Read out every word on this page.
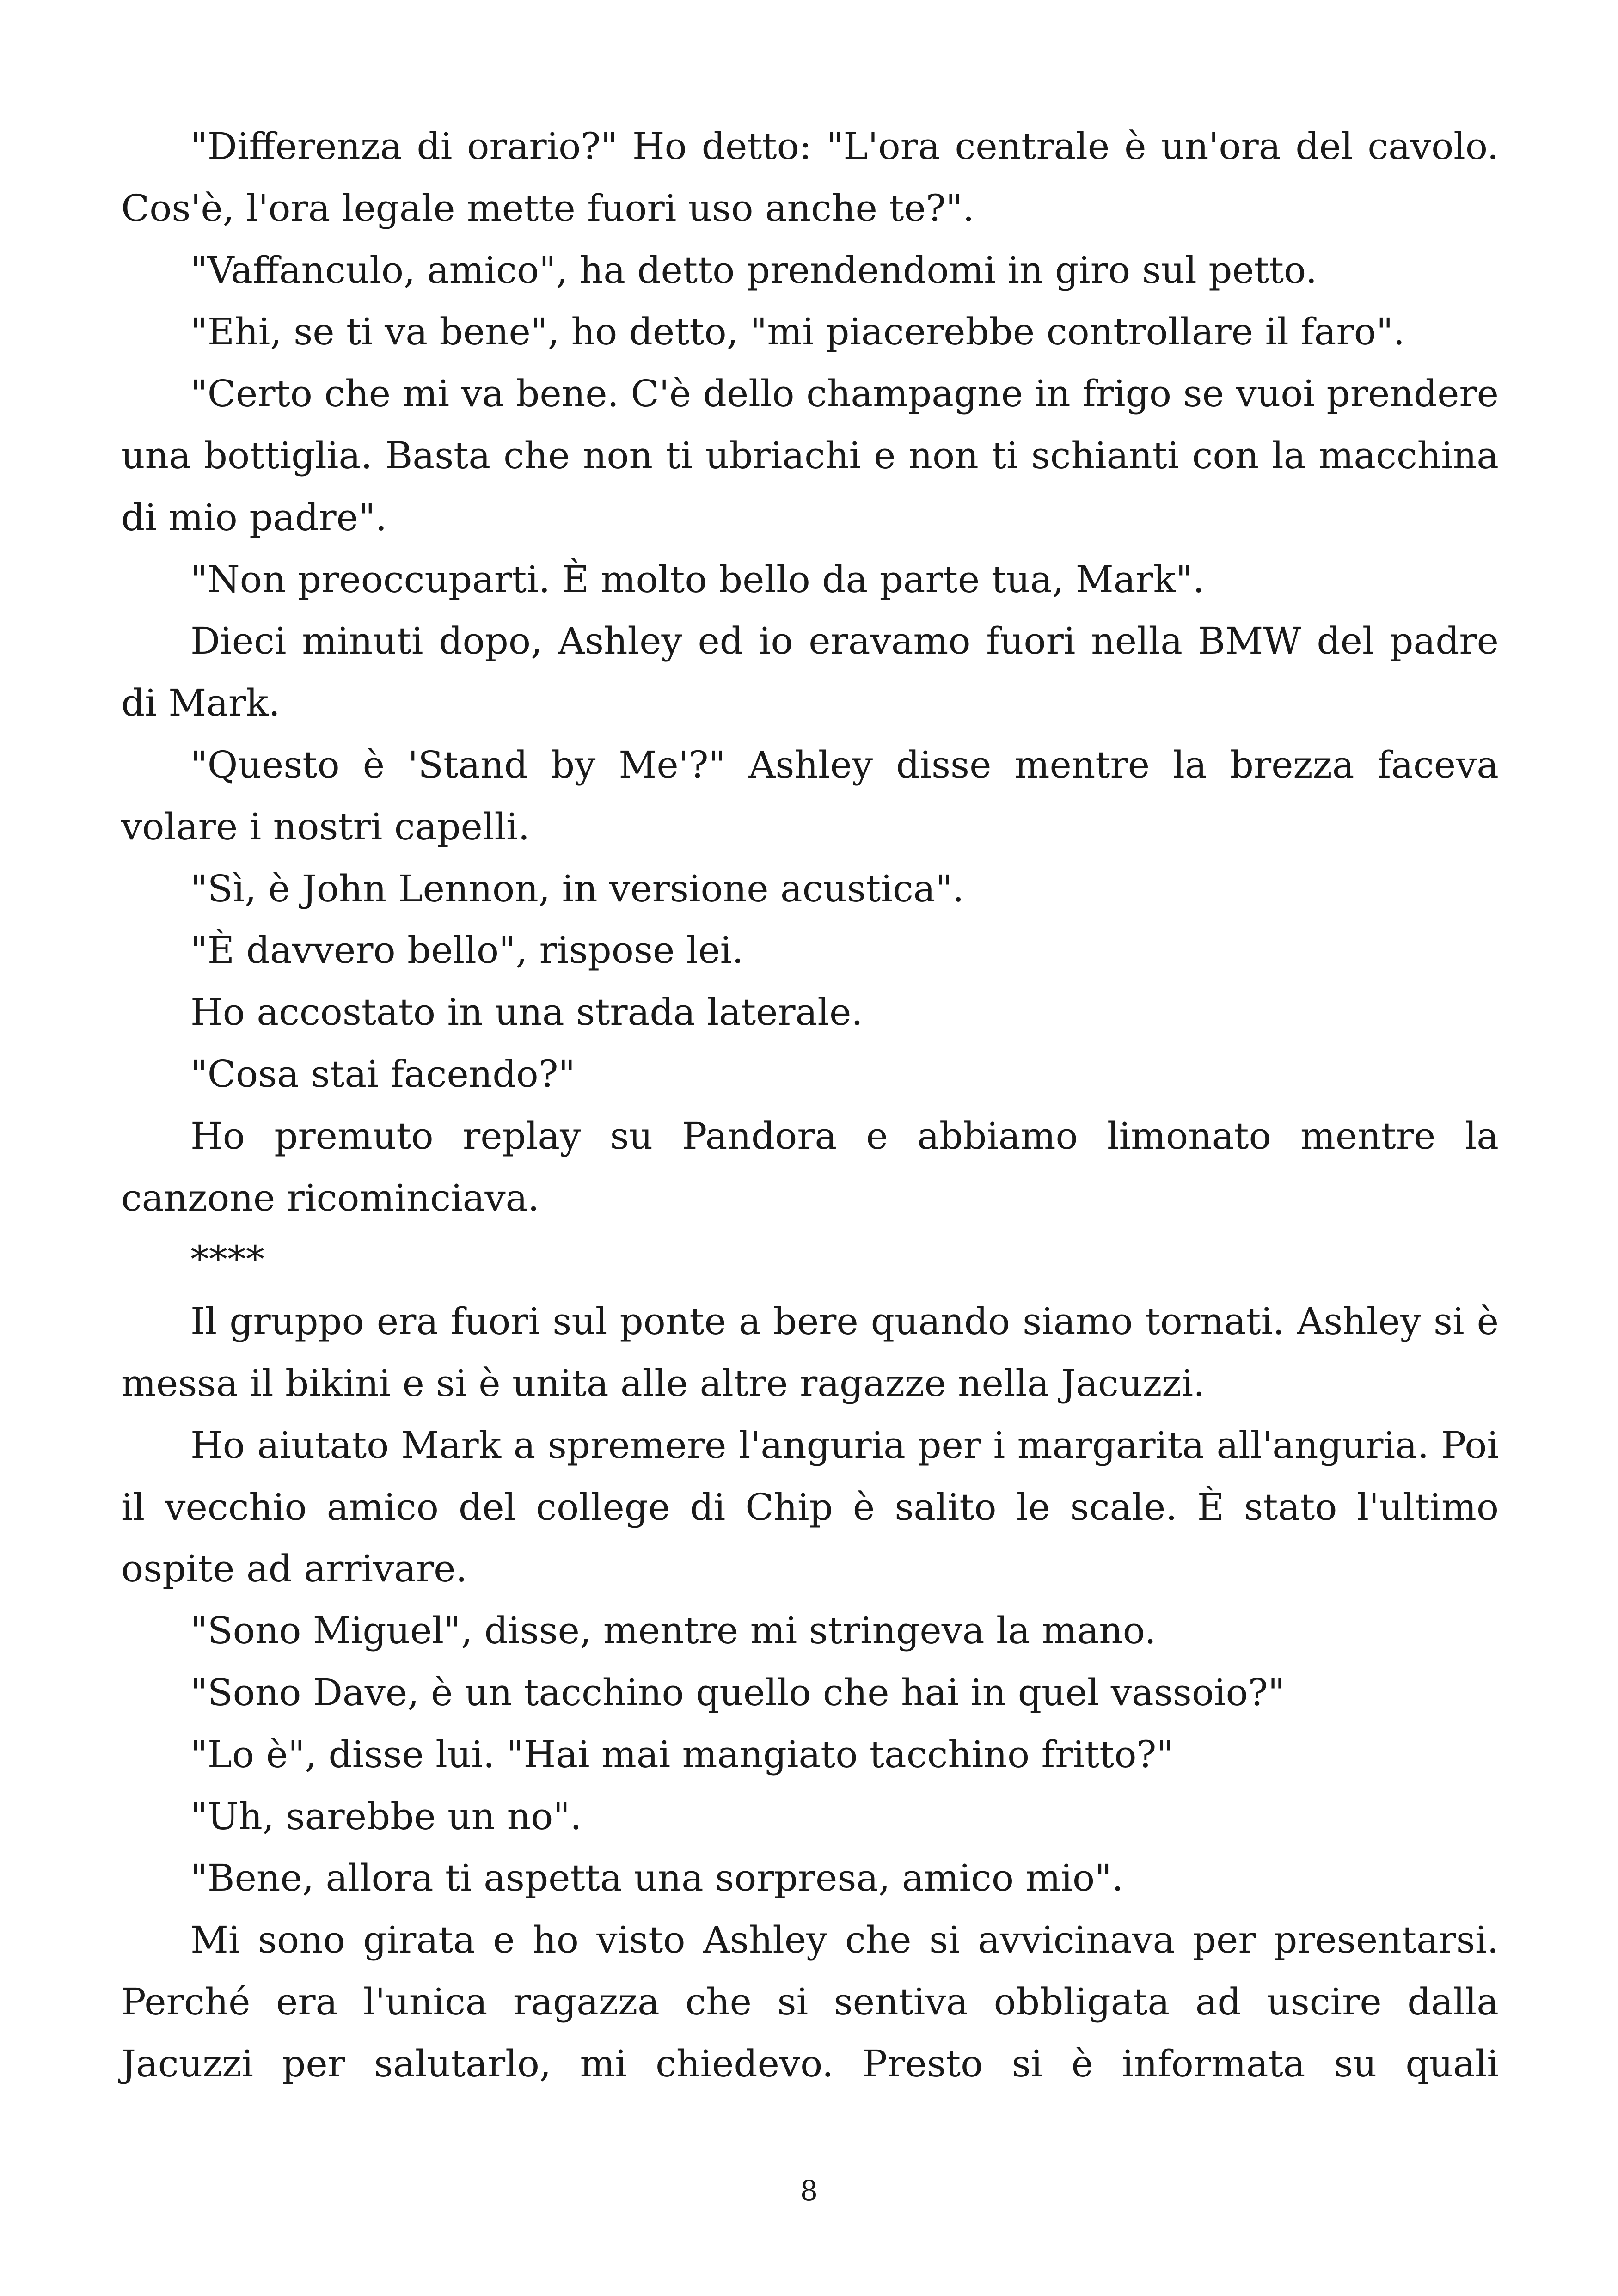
"Differenza di orario?" Ho detto: "L'ora centrale è un'ora del cavolo. Cos'è, l'ora legale mette fuori uso anche te?".

"Vaffanculo, amico", ha detto prendendomi in giro sul petto.

"Ehi, se ti va bene", ho detto, "mi piacerebbe controllare il faro".

"Certo che mi va bene. C'è dello champagne in frigo se vuoi prendere una bottiglia. Basta che non ti ubriachi e non ti schianti con la macchina di mio padre".

"Non preoccuparti. È molto bello da parte tua, Mark".

Dieci minuti dopo, Ashley ed io eravamo fuori nella BMW del padre di Mark.

"Questo è 'Stand by Me'?" Ashley disse mentre la brezza faceva volare i nostri capelli.

"Sì, è John Lennon, in versione acustica".

"È davvero bello", rispose lei.

Ho accostato in una strada laterale.

"Cosa stai facendo?"

Ho premuto replay su Pandora e abbiamo limonato mentre la canzone ricominciava.

****

Il gruppo era fuori sul ponte a bere quando siamo tornati. Ashley si è messa il bikini e si è unita alle altre ragazze nella Jacuzzi.

Ho aiutato Mark a spremere l'anguria per i margarita all'anguria. Poi il vecchio amico del college di Chip è salito le scale. È stato l'ultimo ospite ad arrivare.

"Sono Miguel", disse, mentre mi stringeva la mano.

"Sono Dave, è un tacchino quello che hai in quel vassoio?"

"Lo è", disse lui. "Hai mai mangiato tacchino fritto?"

"Uh, sarebbe un no".

"Bene, allora ti aspetta una sorpresa, amico mio".

Mi sono girata e ho visto Ashley che si avvicinava per presentarsi. Perché era l'unica ragazza che si sentiva obbligata ad uscire dalla Jacuzzi per salutarlo, mi chiedevo. Presto si è informata su quali

8
